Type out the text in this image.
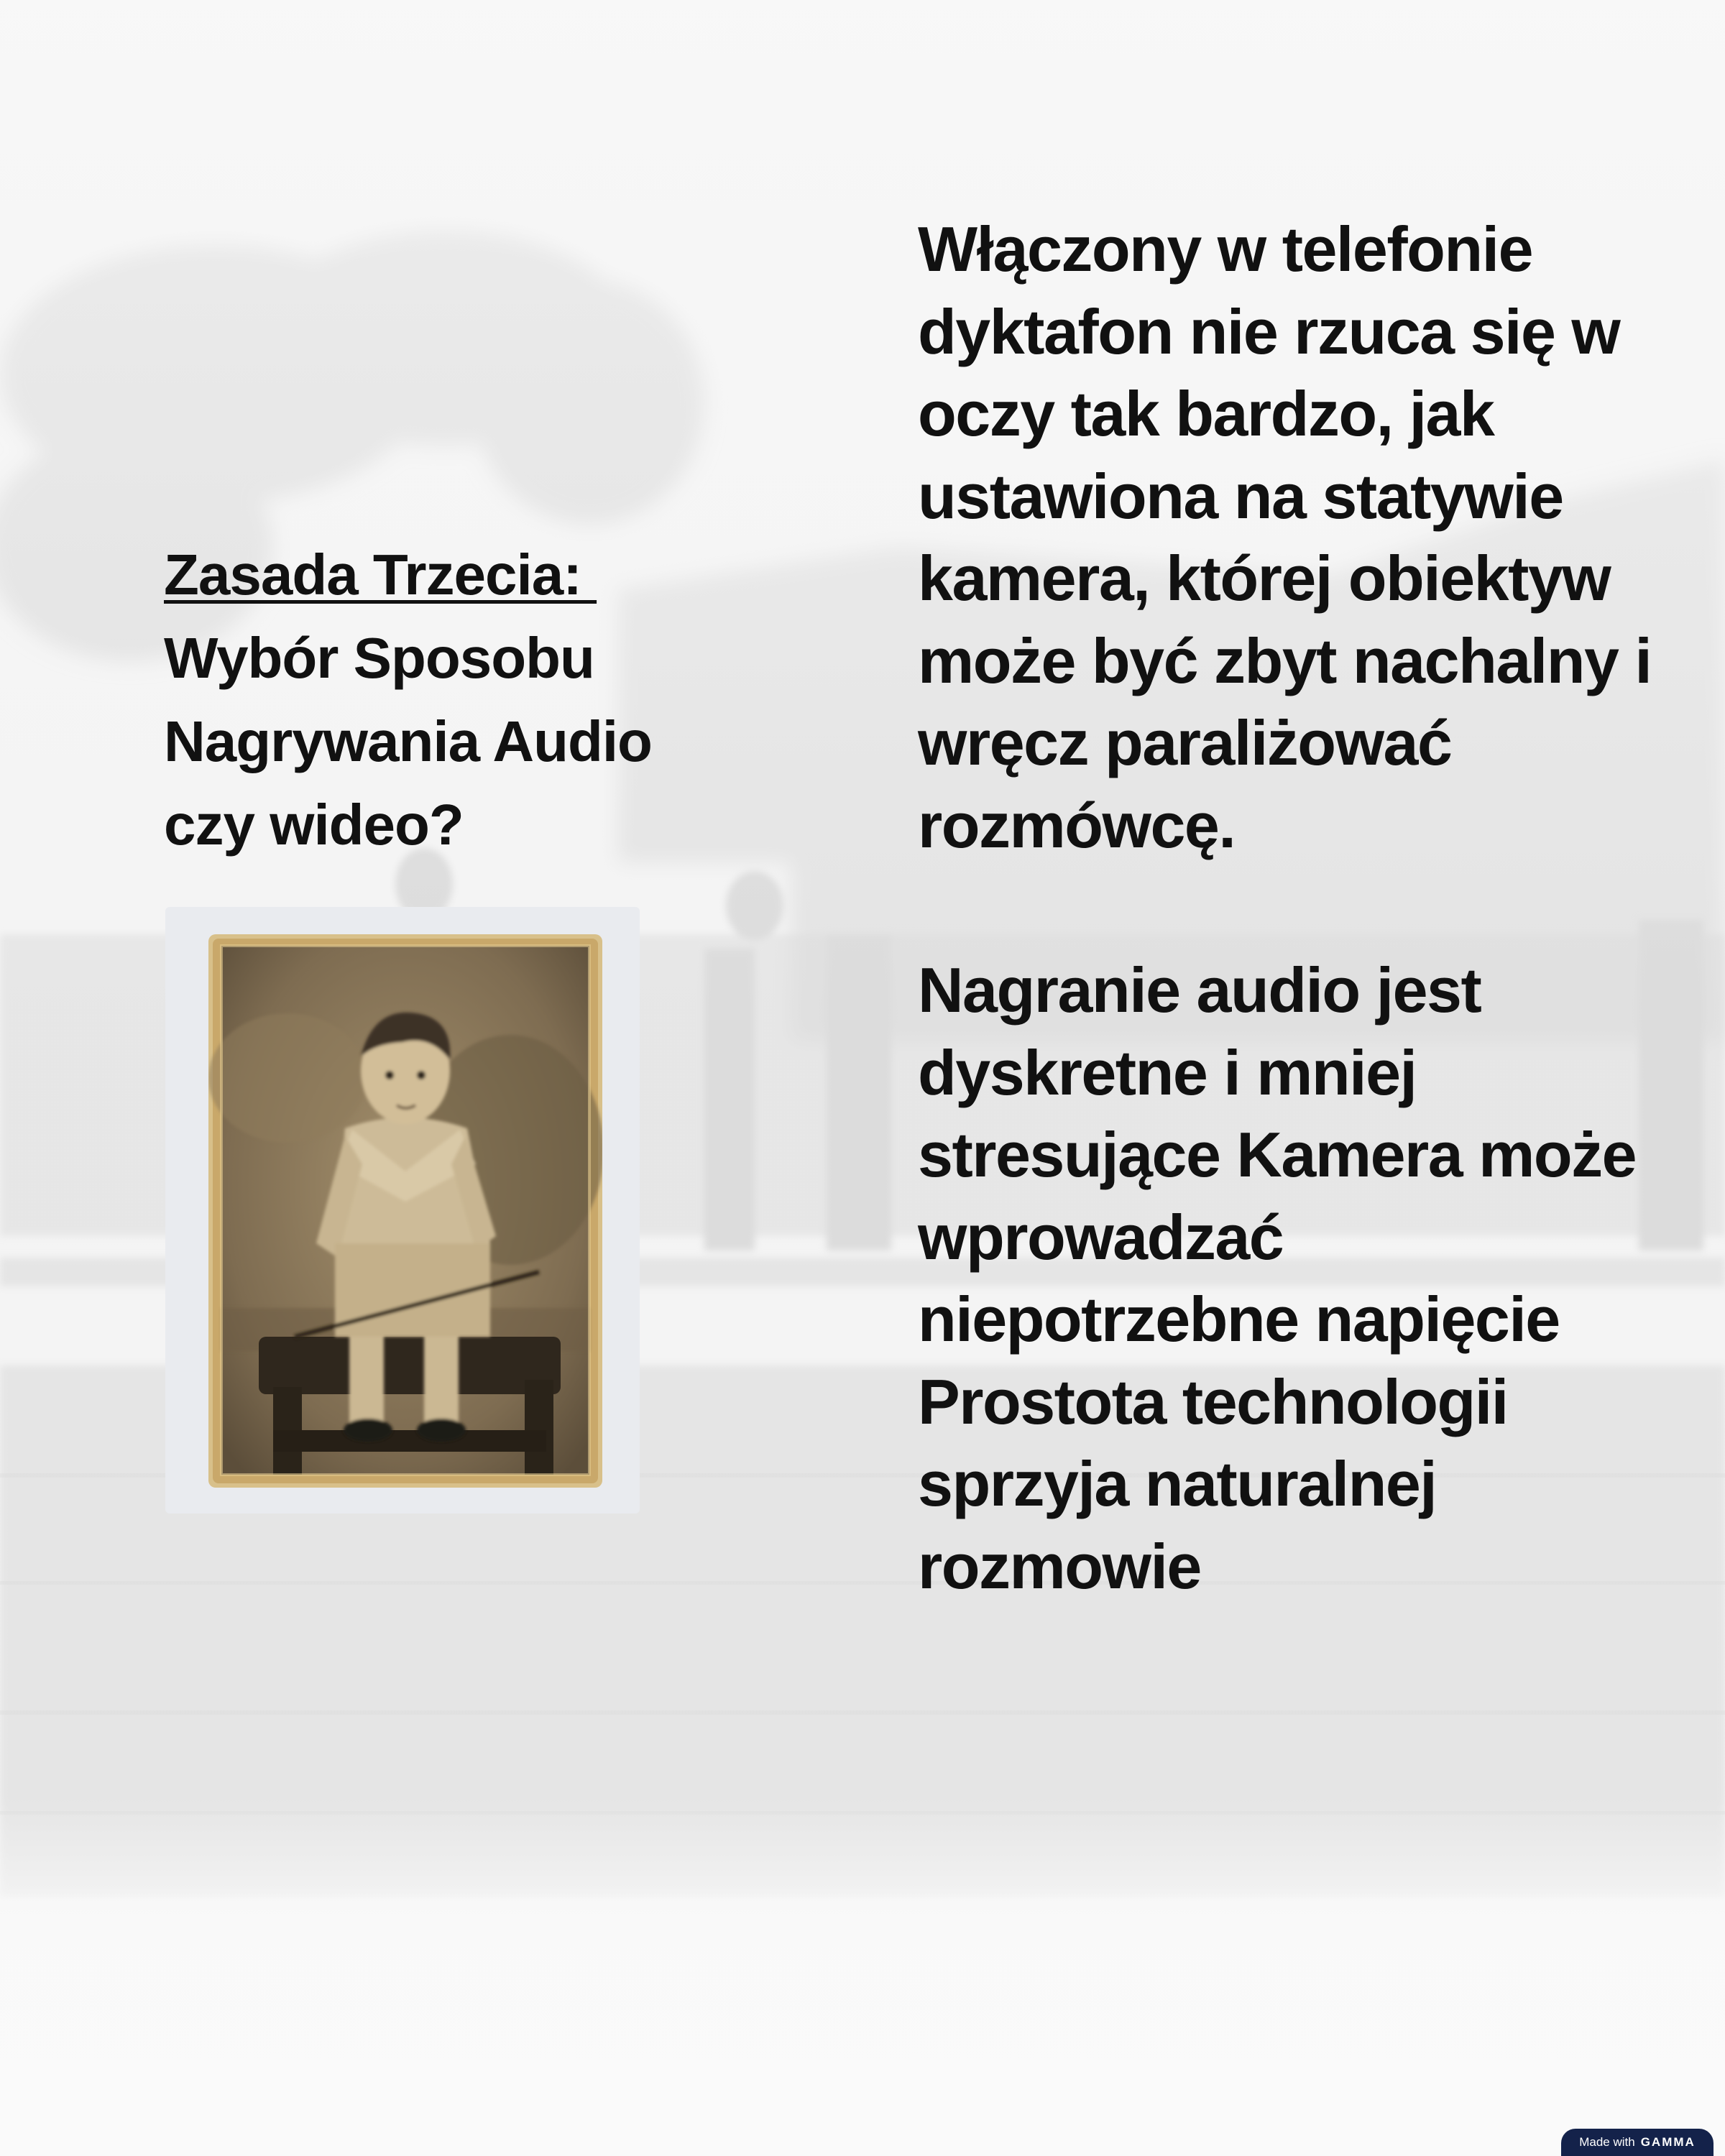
Zasada Trzecia:
Wybór Sposobu
Nagrywania Audio
czy wideo?

Włączony w telefonie dyktafon nie rzuca się w oczy tak bardzo, jak ustawiona na statywie kamera, której obiektyw może być zbyt nachalny i wręcz paraliżować rozmówcę.

Nagranie audio jest dyskretne i mniej stresujące Kamera może wprowadzać niepotrzebne napięcie Prostota technologii sprzyja naturalnej rozmowie

Made with GAMMA
